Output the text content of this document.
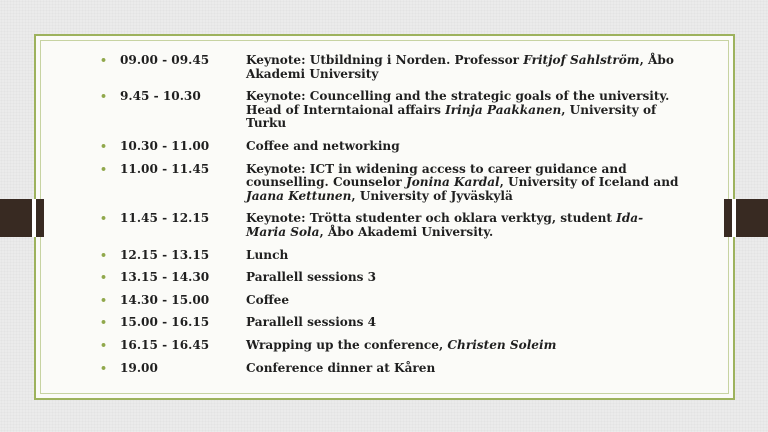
•	09.00 - 09.45	Keynote: Utbildning i Norden. Professor Fritjof Sahlström, Åbo Akademi University
•	9.45 - 10.30	Keynote: Councelling and the strategic goals of the university. Head of Interntaional affairs Irinja Paakkanen, University of Turku
•	10.30 - 11.00	Coffee and networking
•	11.00 - 11.45	Keynote: ICT in widening access to career guidance and counselling. Counselor Jonina Kardal, University of Iceland and Jaana Kettunen, University of Jyväskylä
•	11.45 - 12.15	Keynote: Trötta studenter och oklara verktyg, student Ida-Maria Sola, Åbo Akademi University.
•	12.15 - 13.15	Lunch
•	13.15 - 14.30	Parallell sessions 3
•	14.30 - 15.00	Coffee
•	15.00 - 16.15	Parallell sessions 4
•	16.15 - 16.45	Wrapping up the conference, Christen Soleim
•	19.00	Conference dinner at Kåren
